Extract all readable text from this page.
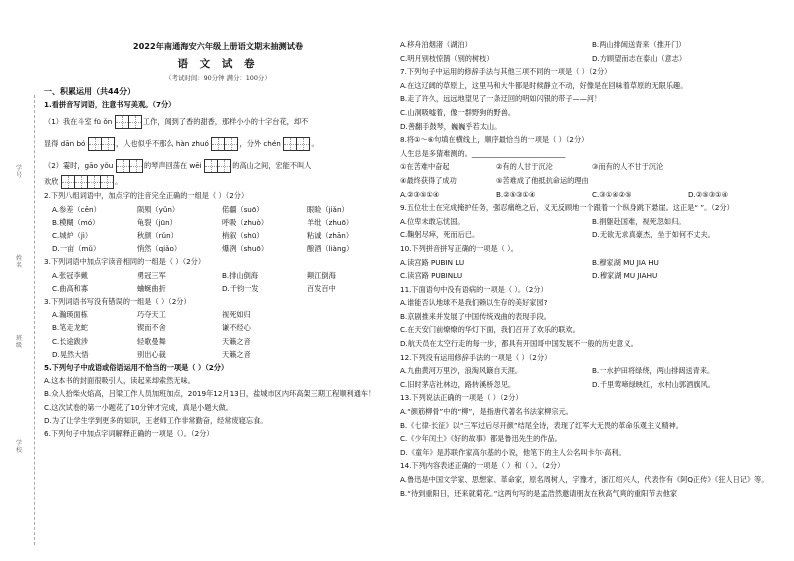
学号
姓名
班级
学校
2022年南通海安六年级上册语文期末抽测试卷
语 文 试 卷
（考试时间：90分钟 满分：100分）
一、积累运用（共44分）
1.看拼音写词语，注意书写美观。（7分）
（1）我在斗室 fū ǒn	工作，闻到了香的甜香，那样小小的十字台花，却不
显得 dān bó	，人也似乎不那么 hàn zhuó	，分外 chén	。
（2）霎时，gāo yǒu	的琴声回荡在 wēi	的高山之间，宏能不叫人
欢欣	。
2.下列八组词语中，加点字的注音完全正确的一组是（ ）（2分）
A.参差（cēn）	陨殒（yǔn）	偌疆（suō）	眼睑（jiǎn）
B.模糊（mó）	龟裂（jūn）	呼吸（zhuò）	羊纰（zhuō）
C.城炉（jì）	秋颜（rǔn）	梢叙（shū）	粘诚（zhān）
D.一亩（mǔ）	悄然（qiǎo）	爆冽（shuō）	酿酒（liàng）
3.下列词语中加点字读音相同的一组是（ ）（2分）
A.张冠李戴	勇冠三军	B.排山倒海	颠江倒海
C.曲高和寡	蛐蜒曲折	D.千钧一发	百发百中
3.下列词语书写没有错误的一组是（ ）（2分）
A.瀚瑛面栋	巧夺天工	视死如归
B.笔走龙蛇	锲而不舍	谦不经心
C.长途跋涉	轻歌曼舞	天籁之音
D.晃然大悟	别出心裁	天籁之音
5.下列句子中成语或俗语运用不恰当的一项是（ ）（2分）
A.这本书的封面很吸引人，读起来却索然无味。
B.众人拾柴火焰高，吕梁工作人员加班加点，2019年12月13日，盐城市区内环高架三期工程顺利通车！
C.这次试卷的第一小题花了10分钟才完成，真是小题大做。
D.为了让学生学到更多的知识，王老师工作非常勤奋，经常废寝忘食。
6.下列句子中加点字词解释正确的一项是（）。（2分）
A.移舟泊烟渚（湖泊）	B.两山排闼送青来（推开门）
C.明月别枝惊鹊（别的树枝）	D.方顾望而志在泰山（意志）
7.下列句子中运用的修辞手法与其他三项不同的一项是（ ）（2分）
A.在这辽阔的草原上，这里马和大牛都是时候静立不动，好像是在回味着草原的无限乐趣。
B.走了许久，远远地望见了一条迂回的明如闪银的带子——河！
C.山洞吸嘘着，像一群野狗的野兽。
D.善翻手鼓琴，巍巍乎若太山。
8.将①～⑥句填在横线上，顺序最恰当的一项是（ ）（2分）
人生总是多猜难测的。__________________________
①在苦难中奋起	②有的人甘于沉沦	③而有的人不甘于沉沦
④最终获得了成功	⑤苦难成了他抵抗命运的理由
A.②③⑤①④	B.②⑤③①④	C.③①④②⑤	D.②⑤③①④
9.五位壮士在完成掩护任务，强忍痛绝之后，义无反顾地一个跟着一个纵身跳下悬崖。这正是“ ”。（2分）
A.位卑未敢忘忧国。	B.捐躯赴国难，视死忽如归。
C.鞠躬尽瘁，死而后已。	D.无欲无求真豪杰，坐于如何不丈夫。
10.下列拼音拼写正确的一项是（ ）。
A.读宫路 PUBIN LU	B.穆家湖 MU JIA HU
C.读宫路 PUBINLU	D.穆家湖 MU JIAHU
11.下面语句中没有语病的一项是（ ）。（2分）
A.谁能否认地球不是我们赖以生存的美好家园?
B.京剧推来并发展了中国传统戏曲的表现手段。
C.在天安门前燎燎的华灯下面，我们召开了欢乐的联欢。
D.航天员在太空行走的每一步，都具有开国哥中国发展不一般的历史意义。
12.下列没有运用修辞手法的一项是（ ）（2分）
A.九曲黄河万里沙，浪淘风簸自天涯。	B.一水护田将绿绕，两山排闼送青来。
C.旧时茅店社林边，路转溪桥忽见。	D.千里莺啼绿映红，水村山郭酒旗风。
13.下列说法正确的一项是（ ）（2分）
A.“颜筋柳骨”中的“柳”，是指唐代著名书法家柳宗元。
B.《七律·长征》以“三军过后尽开颜”结尾全诗，表现了红军大无畏的革命乐观主义精神。
C.《少年闰土》《好的故事》都是鲁迅先生的作品。
D.《童年》是苏联作家高尔基的小说，他笔下的主人公名叫卡尔·高利。
14.下列内容表述正确的一项是（ ）和（ ）。（2分）
A.鲁迅是中国文学家、思想家、革命家，原名周树人，字豫才，浙江绍兴人，代表作有《阿Q正传》《狂人日记》等。
B.“待到重阳日，还来就菊花。”这两句写的是孟浩然邀请朋友在秋高气爽的重阳节去他家
